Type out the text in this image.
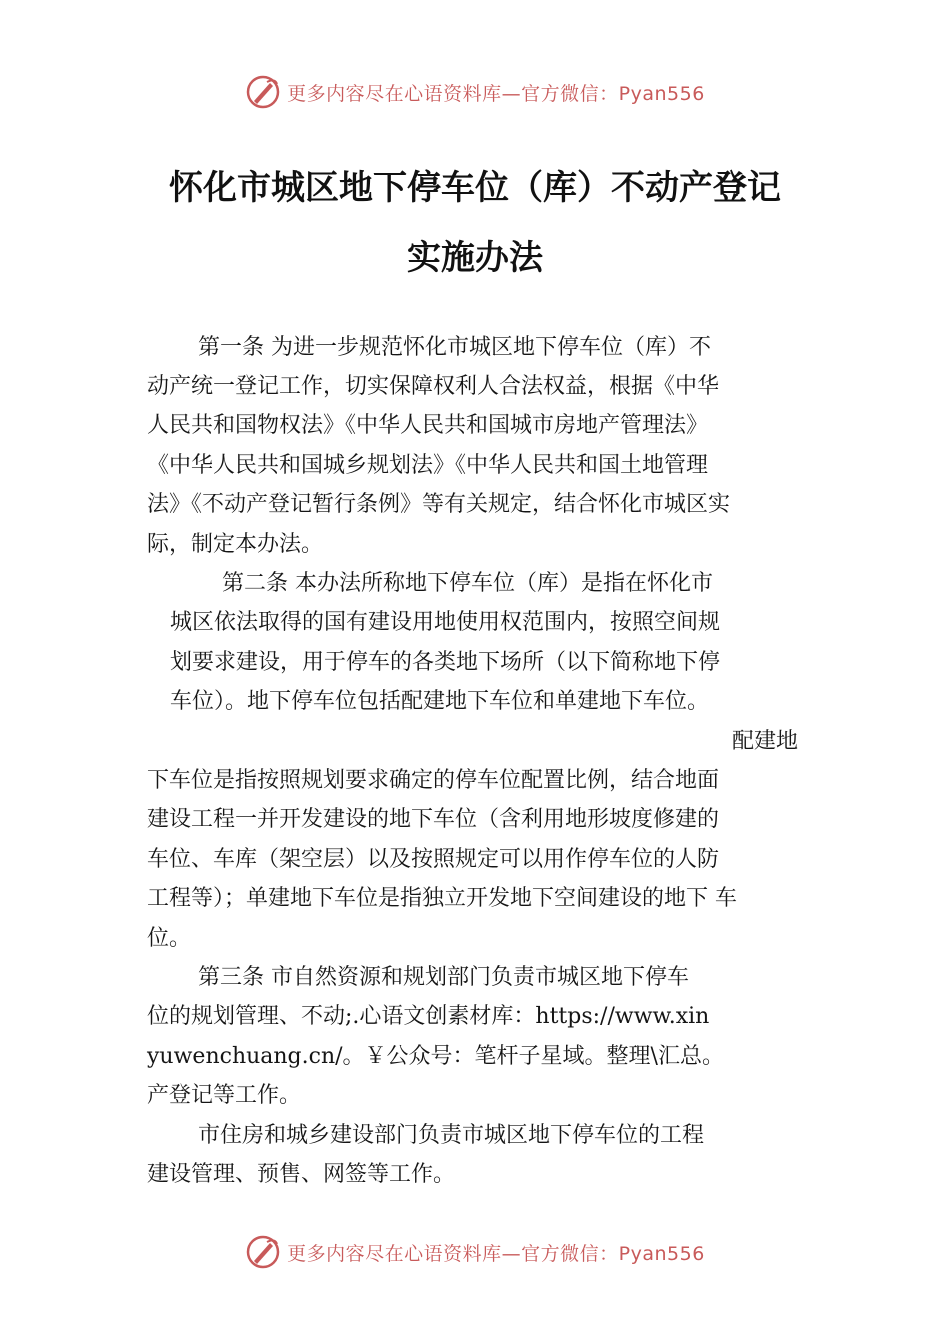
更多内容尽在心语资料库—官方微信：Pyan556
怀化市城区地下停车位（库）不动产登记
实施办法
第一条 为进一步规范怀化市城区地下停车位（库）不
动产统一登记工作，切实保障权利人合法权益，根据《中华
人民共和国物权法》《中华人民共和国城市房地产管理法》
《中华人民共和国城乡规划法》《中华人民共和国土地管理
法》《不动产登记暂行条例》等有关规定，结合怀化市城区实
际，制定本办法。
第二条 本办法所称地下停车位（库）是指在怀化市
城区依法取得的国有建设用地使用权范围内，按照空间规
划要求建设，用于停车的各类地下场所（以下简称地下停
车位）。地下停车位包括配建地下车位和单建地下车位。
配建地
下车位是指按照规划要求确定的停车位配置比例，结合地面
建设工程一并开发建设的地下车位（含利用地形坡度修建的
车位、车库（架空层）以及按照规定可以用作停车位的人防
工程等）；单建地下车位是指独立开发地下空间建设的地下 车
位。
第三条 市自然资源和规划部门负责市城区地下停车
位的规划管理、不动;.心语文创素材库：https://www.xin
yuwenchuang.cn/。￥公众号：笔杆子星域。整理\汇总。
产登记等工作。
市住房和城乡建设部门负责市城区地下停车位的工程
建设管理、预售、网签等工作。
更多内容尽在心语资料库—官方微信：Pyan556
